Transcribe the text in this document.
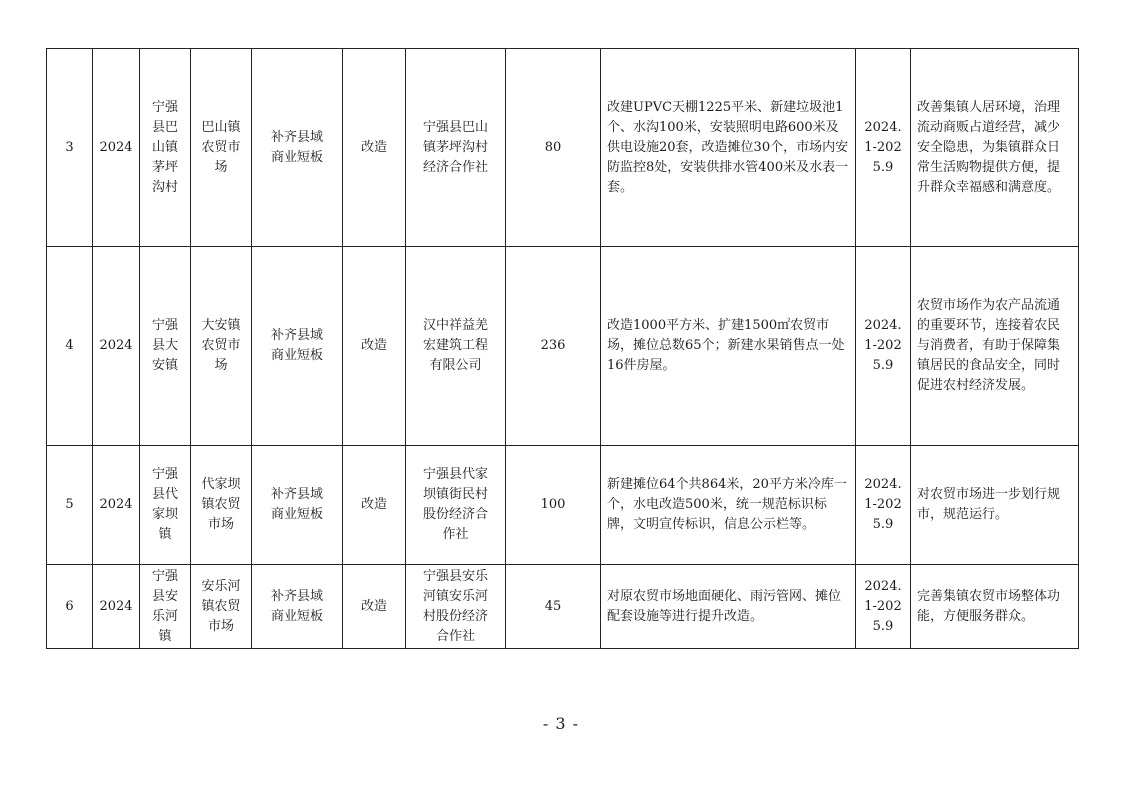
3	2024	宁强
县巴
山镇
茅坪
沟村	巴山镇
农贸市
场	补齐县域
商业短板	改造	宁强县巴山
镇茅坪沟村
经济合作社	80	改建UPVC天棚1225平米、新建垃圾池1个、水沟100米，安装照明电路600米及供电设施20套，改造摊位30个，市场内安防监控8处，安装供排水管400米及水表一套。	2024.
1-202
5.9	改善集镇人居环境，治理流动商贩占道经营，减少安全隐患，为集镇群众日常生活购物提供方便，提升群众幸福感和满意度。
4	2024	宁强
县大
安镇	大安镇
农贸市
场	补齐县域
商业短板	改造	汉中祥益羌
宏建筑工程
有限公司	236	改造1000平方米、扩建1500㎡农贸市场，摊位总数65个；新建水果销售点一处16件房屋。	2024.
1-202
5.9	农贸市场作为农产品流通的重要环节，连接着农民与消费者，有助于保障集镇居民的食品安全，同时促进农村经济发展。
5	2024	宁强
县代
家坝
镇	代家坝
镇农贸
市场	补齐县域
商业短板	改造	宁强县代家
坝镇街民村
股份经济合
作社	100	新建摊位64个共864米，20平方米冷库一个，水电改造500米，统一规范标识标牌，文明宣传标识，信息公示栏等。	2024.
1-202
5.9	对农贸市场进一步划行规市，规范运行。
6	2024	宁强
县安
乐河
镇	安乐河
镇农贸
市场	补齐县域
商业短板	改造	宁强县安乐
河镇安乐河
村股份经济
合作社	45	对原农贸市场地面硬化、雨污管网、摊位配套设施等进行提升改造。	2024.
1-202
5.9	完善集镇农贸市场整体功能，方便服务群众。
- 3 -
